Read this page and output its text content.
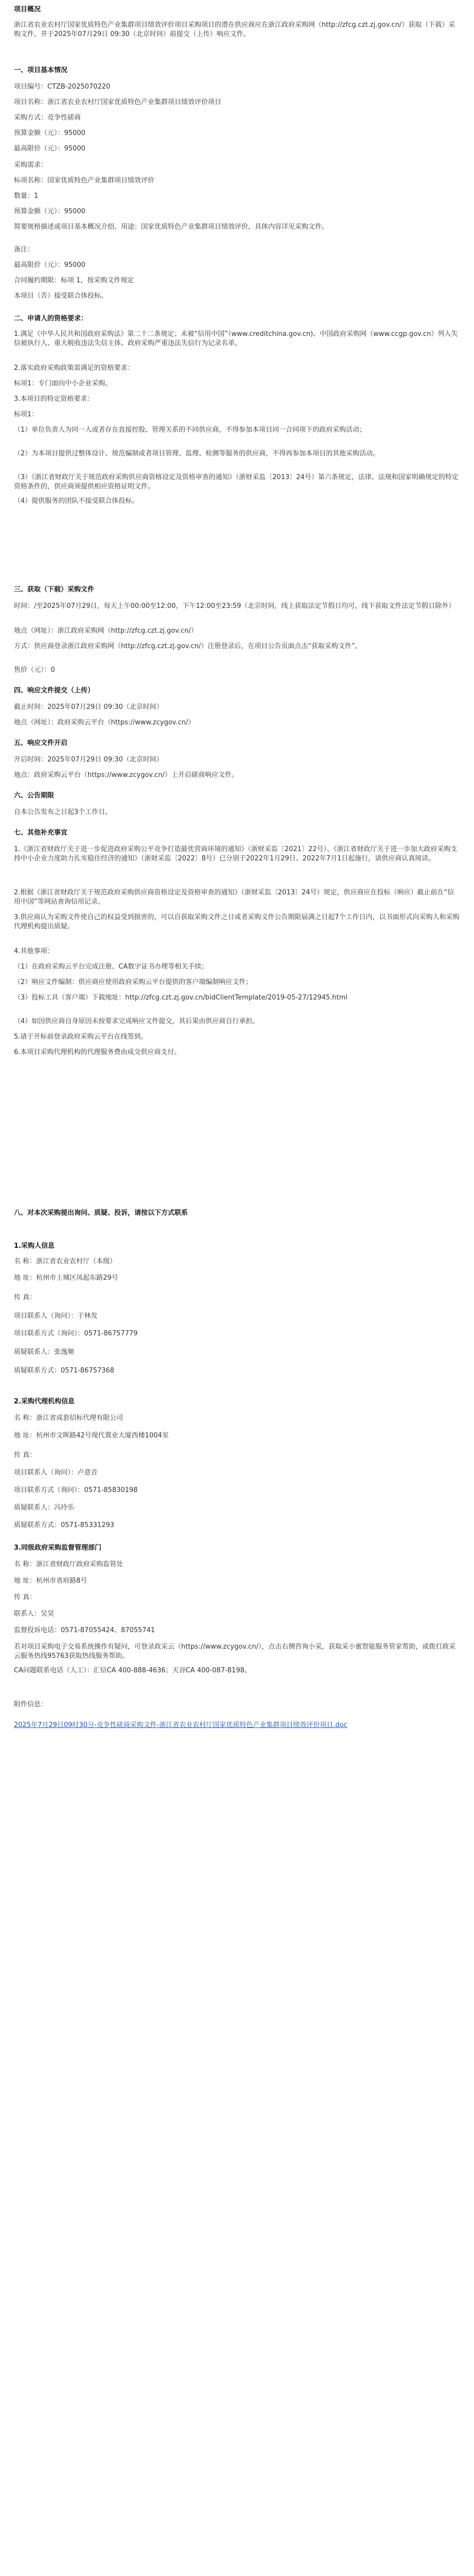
项目概况
浙江省农业农村厅国家优质特色产业集群项目绩效评价项目采购项目的潜在供应商应在浙江政府采购网（http://zfcg.czt.zj.gov.cn/）获取（下载）采购文件，并于2025年07月29日 09:30（北京时间）前提交（上传）响应文件。
一、项目基本情况
项目编号：CTZB-2025070220
项目名称：浙江省农业农村厅国家优质特色产业集群项目绩效评价项目
采购方式：竞争性磋商
预算金额（元）：95000
最高限价（元）：95000
采购需求：
标项名称：国家优质特色产业集群项目绩效评价
数量：1
预算金额（元）：95000
简要规格描述或项目基本概况介绍、用途：国家优质特色产业集群项目绩效评价，具体内容详见采购文件。
备注：
最高限价（元）：95000
合同履约期限：标项 1，按采购文件规定
本项目（否）接受联合体投标。
二、申请人的资格要求：
1.满足《中华人民共和国政府采购法》第二十二条规定；未被“信用中国”（www.creditchina.gov.cn)、中国政府采购网（www.ccgp.gov.cn）列入失信被执行人、重大税收违法失信主体、政府采购严重违法失信行为记录名单。
2.落实政府采购政策需满足的资格要求：
标项1：专门面向中小企业采购。
3.本项目的特定资格要求：
标项1：
（1）单位负责人为同一人或者存在直接控股、管理关系的不同供应商，不得参加本项目同一合同项下的政府采购活动；
（2）为本项目提供过整体设计、规范编制或者项目管理、监理、检测等服务的供应商，不得再参加本项目的其他采购活动。
（3）《浙江省财政厅关于规范政府采购供应商资格设定及资格审查的通知》（浙财采监〔2013〕24号）第六条规定，法律、法规和国家明确规定的特定资格条件的，供应商须提供相应资格证明文件。
（4）提供服务的团队不接受联合体投标。
三、获取（下载）采购文件
时间：/至2025年07月29日，每天上午00:00至12:00，下午12:00至23:59（北京时间，线上获取法定节假日均可，线下获取文件法定节假日除外）
地点（网址）：浙江政府采购网（http://zfcg.czt.zj.gov.cn/）
方式：供应商登录浙江政府采购网（http://zfcg.czt.zj.gov.cn/）注册登录后，在项目公告页面点击“获取采购文件”。
售价（元）：0
四、响应文件提交（上传）
截止时间：2025年07月29日 09:30（北京时间）
地点（网址）：政府采购云平台（https://www.zcygov.cn/）
五、响应文件开启
开启时间：2025年07月29日 09:30（北京时间）
地点：政府采购云平台（https://www.zcygov.cn/）上开启磋商响应文件。
六、公告期限
自本公告发布之日起3个工作日。
七、其他补充事宜
1.《浙江省财政厅关于进一步促进政府采购公平竞争打造最优营商环境的通知》（浙财采监〔2021〕22号）、《浙江省财政厅关于进一步加大政府采购支持中小企业力度助力扎实稳住经济的通知》（浙财采监〔2022〕8号）已分别于2022年1月29日、2022年7月1日起施行，请供应商认真阅读。
2.根据《浙江省财政厅关于规范政府采购供应商资格设定及资格审查的通知》（浙财采监〔2013〕24号）规定，供应商应在投标（响应）截止前在“信用中国”等网站查询信用记录。
3.供应商认为采购文件使自己的权益受到损害的，可以自获取采购文件之日或者采购文件公告期限届满之日起7个工作日内，以书面形式向采购人和采购代理机构提出质疑。
4.其他事项：
（1）在政府采购云平台完成注册、CA数字证书办理等相关手续；
（2）响应文件编制：供应商应使用政府采购云平台提供的客户端编制响应文件；
（3）投标工具（客户端）下载地址：http://zfcg.czt.zj.gov.cn/bidClientTemplate/2019-05-27/12945.html
（4）如因供应商自身原因未按要求完成响应文件提交，其后果由供应商自行承担。
5.请于开标前登录政府采购云平台在线签到。
6.本项目采购代理机构的代理服务费由成交供应商支付。
八、对本次采购提出询问、质疑、投诉，请按以下方式联系
1.采购人信息
名 称：浙江省农业农村厅（本级）
地 址：杭州市上城区凤起东路29号
传 真：
项目联系人（询问）：于林发
项目联系方式（询问）：0571-86757779
质疑联系人：张逸频
质疑联系方式：0571-86757368
2.采购代理机构信息
名 称：浙江省成套招标代理有限公司
地 址：杭州市文晖路42号现代置业大厦西楼1004室
传 真：
项目联系人（询问）：卢意音
项目联系方式（询问）：0571-85830198
质疑联系人：冯玲乐
质疑联系方式：0571-85331293
3.同级政府采购监督管理部门
名 称：浙江省财政厅政府采购监管处
地 址：杭州市省府路8号
传 真：
联系人：吴昊
监督投诉电话：0571-87055424、87055741
若对项目采购电子交易系统操作有疑问，可登录政采云（https://www.zcygov.cn/），点击右侧咨询小采，获取采小蜜智能服务管家帮助，或拨打政采云服务热线95763获取热线服务帮助。
CA问题联系电话（人工）：汇信CA 400-888-4636；天谷CA 400-087-8198。
附件信息：
2025年7月29日09时30分-竞争性磋商采购文件-浙江省农业农村厅国家优质特色产业集群项目绩效评价项目.doc
